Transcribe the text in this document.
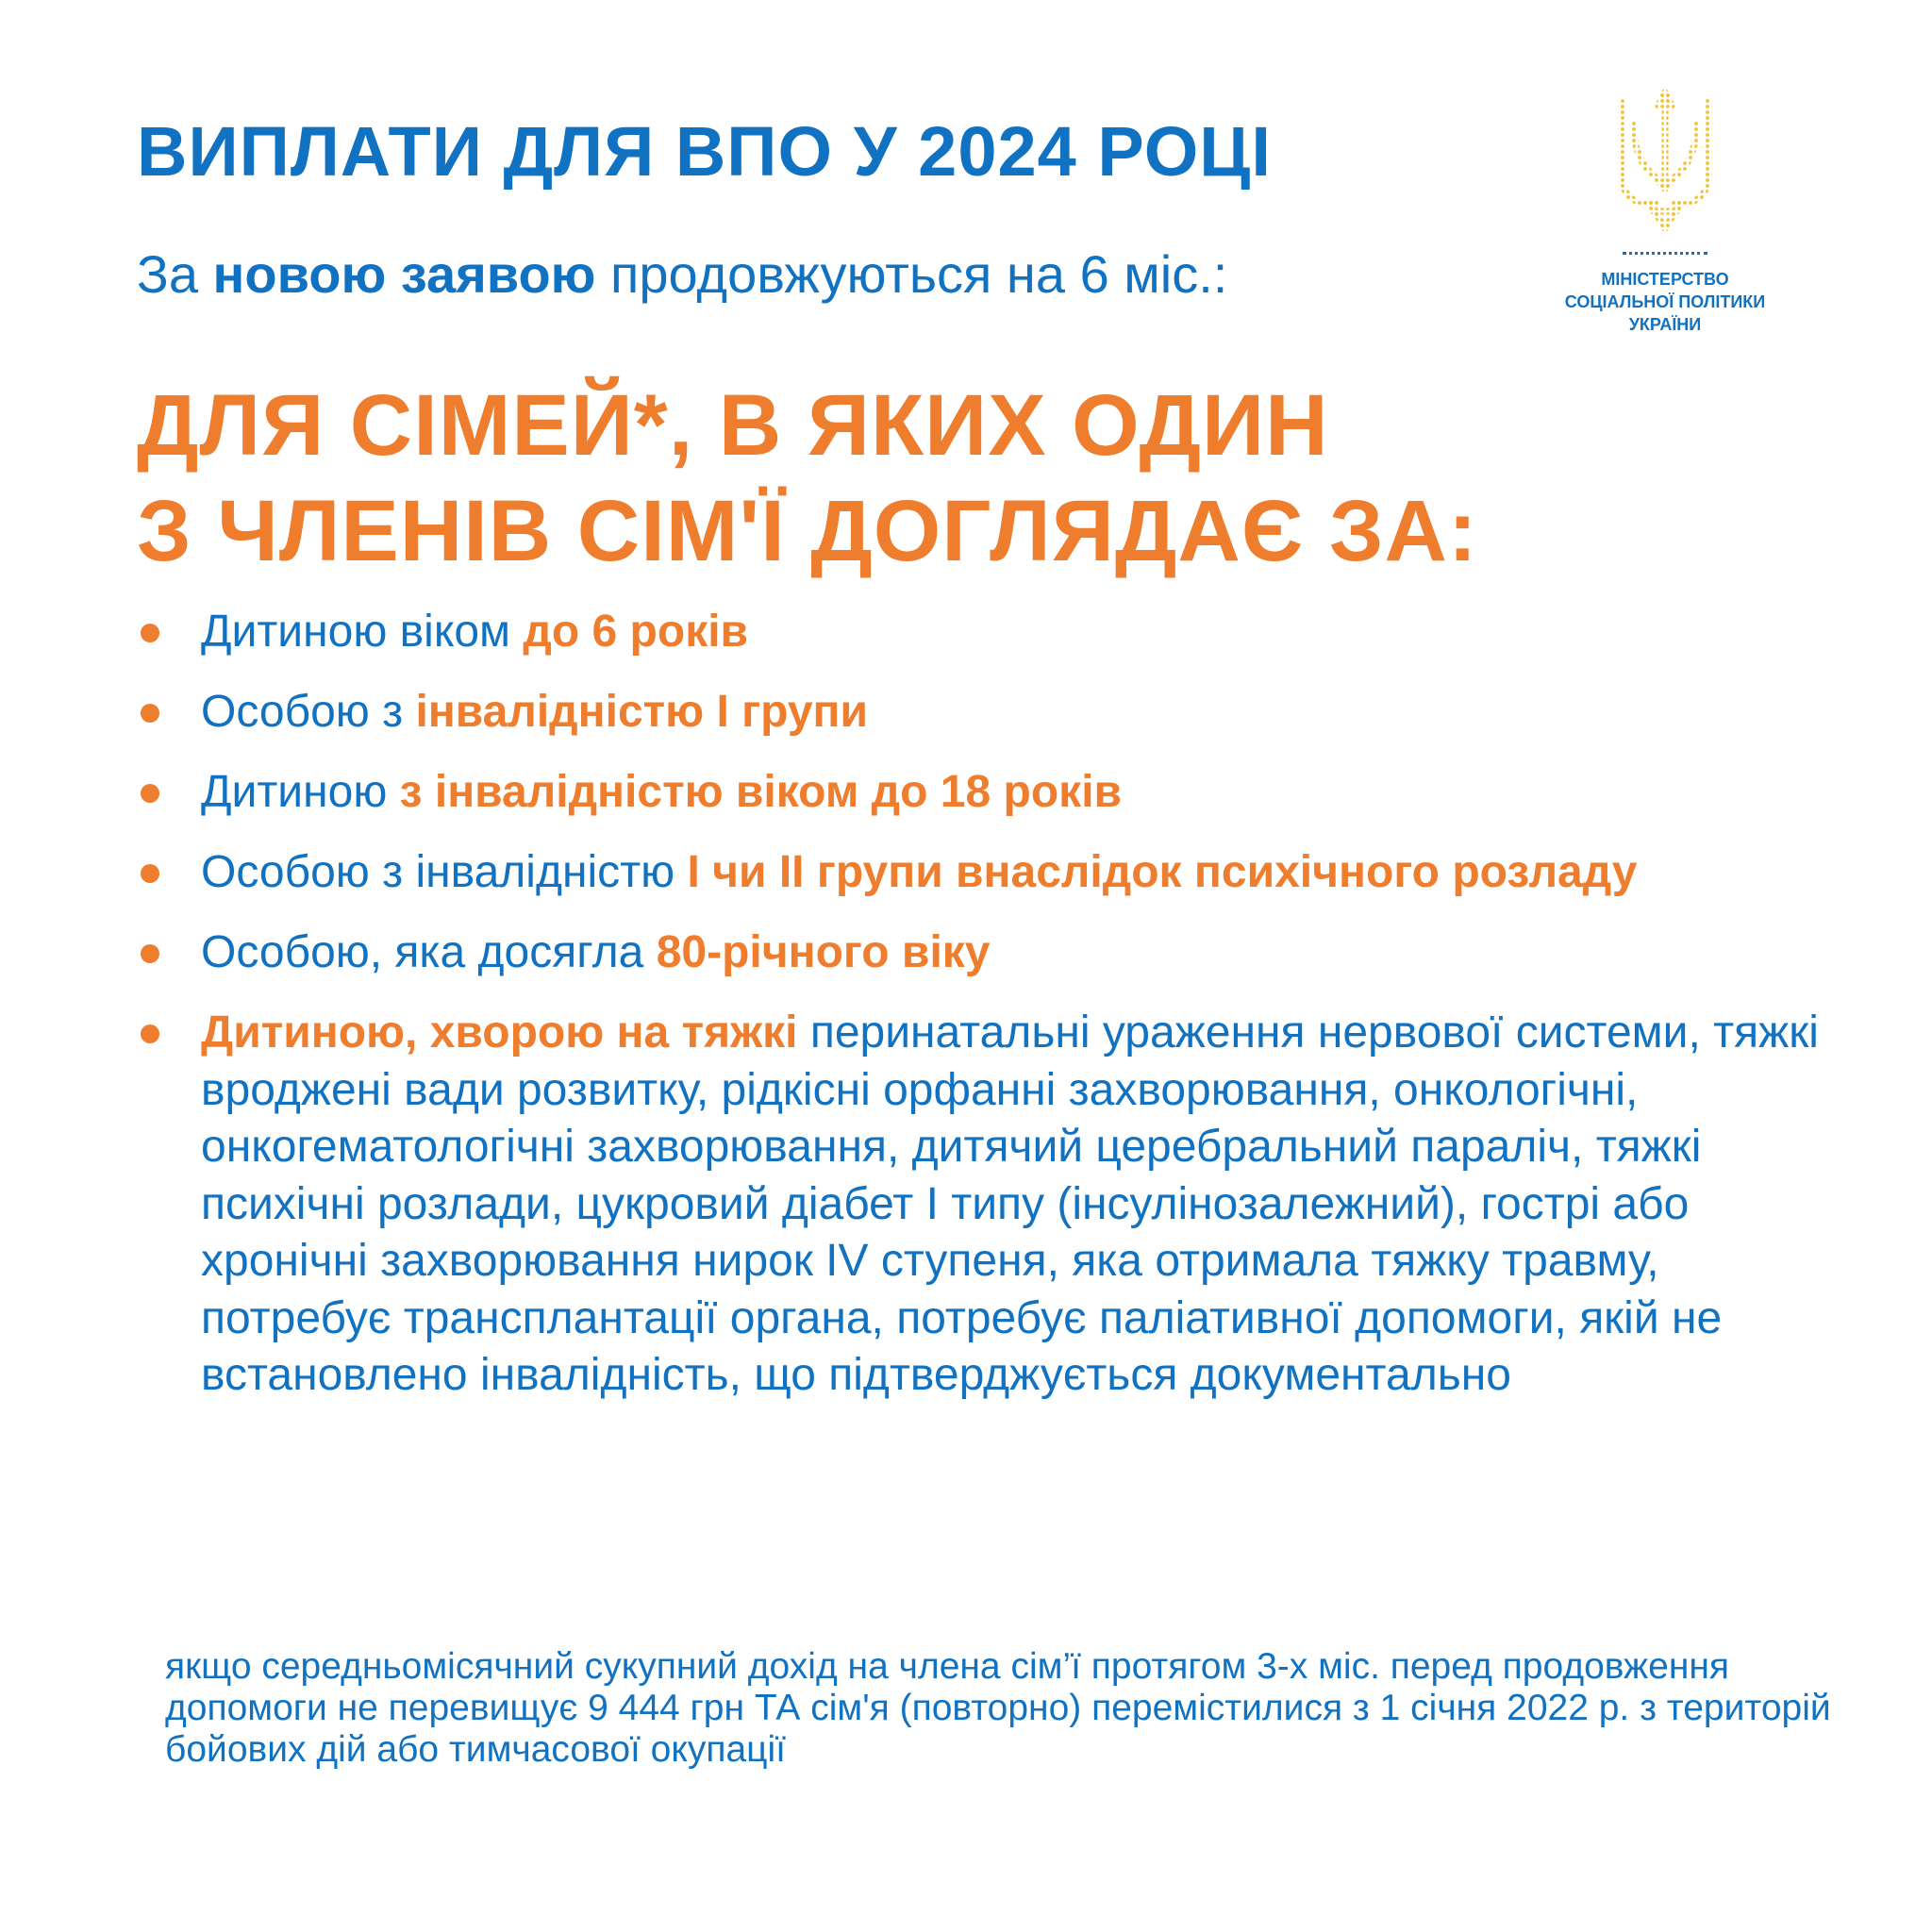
ВИПЛАТИ ДЛЯ ВПО У 2024 РОЦІ
За новою заявою продовжуються на 6 міс.:
ДЛЯ СІМЕЙ*, В ЯКИХ ОДИН
З ЧЛЕНІВ СІМ'Ї ДОГЛЯДАЄ ЗА:
Дитиною віком до 6 років
Особою з інвалідністю I групи
Дитиною з інвалідністю віком до 18 років
Особою з інвалідністю I чи II групи внаслідок психічного розладу
Особою, яка досягла 80-річного віку
Дитиною, хворою на тяжкі перинатальні ураження нервової системи, тяжкі вроджені вади розвитку, рідкісні орфанні захворювання, онкологічні, онкогематологічні захворювання, дитячий церебральний параліч, тяжкі психічні розлади, цукровий діабет I типу (інсулінозалежний), гострі або хронічні захворювання нирок IV ступеня, яка отримала тяжку травму, потребує трансплантації органа, потребує паліативної допомоги, якій не встановлено інвалідність, що підтверджується документально
якщо середньомісячний сукупний дохід на члена сім’ї протягом 3-х міс. перед продовження допомоги не перевищує 9 444 грн ТА сім'я (повторно) перемістилися з 1 січня 2022 р. з територій бойових дій або тимчасової окупації
МІНІСТЕРСТВО
СОЦІАЛЬНОЇ ПОЛІТИКИ
УКРАЇНИ
